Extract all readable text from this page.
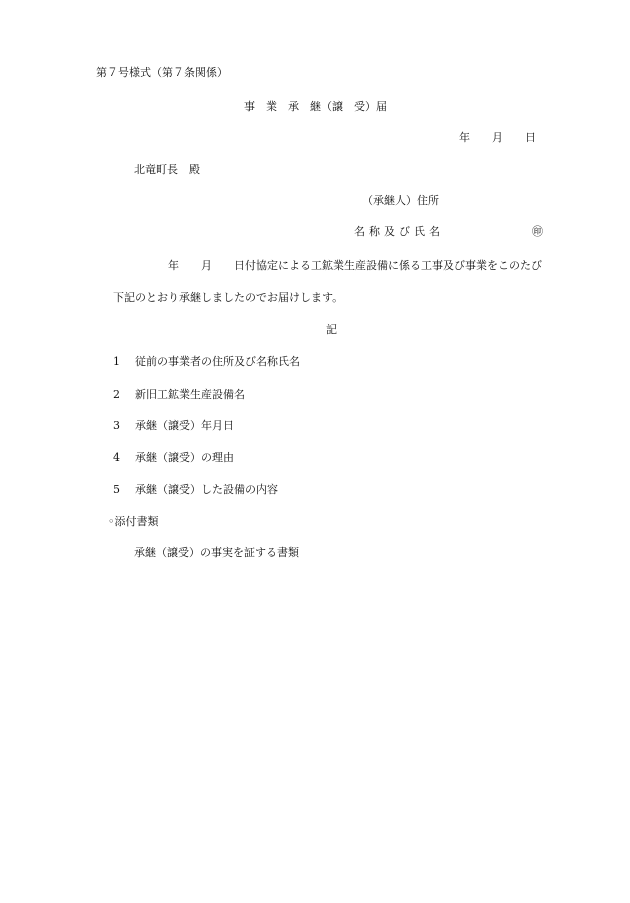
第７号様式（第７条関係）
事　業　承　継（譲　受）届
年　　月　　日
北竜町長　殿
（承継人）住所
名称及び氏名	㊞
年　　月　　日付協定による工鉱業生産設備に係る工事及び事業をこのたび
下記のとおり承継しましたのでお届けします。
記
1 従前の事業者の住所及び名称氏名
2 新旧工鉱業生産設備名
3 承継（譲受）年月日
4 承継（譲受）の理由
5 承継（譲受）した設備の内容
◦添付書類
承継（譲受）の事実を証する書類
